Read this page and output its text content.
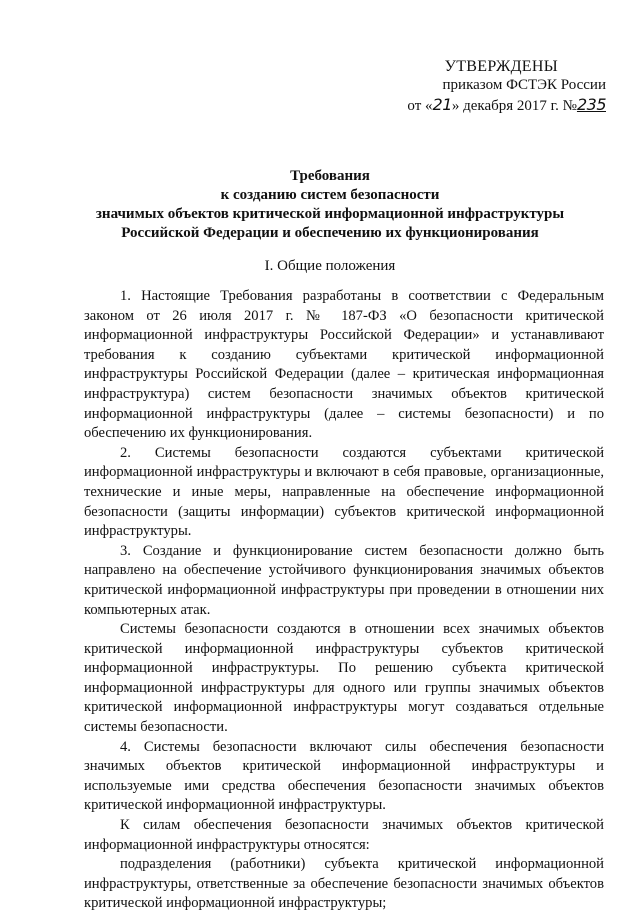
УТВЕРЖДЕНЫ
приказом ФСТЭК России
от «21» декабря 2017 г. №235
Требования
к созданию систем безопасности
значимых объектов критической информационной инфраструктуры
Российской Федерации и обеспечению их функционирования
I. Общие положения

1. Настоящие Требования разработаны в соответствии с Федеральным законом от 26 июля 2017 г. № 187-ФЗ «О безопасности критической информационной инфраструктуры Российской Федерации» и устанавливают требования к созданию субъектами критической информационной инфраструктуры Российской Федерации (далее – критическая информационная инфраструктура) систем безопасности значимых объектов критической информационной инфраструктуры (далее – системы безопасности) и по обеспечению их функционирования.

2. Системы безопасности создаются субъектами критической информационной инфраструктуры и включают в себя правовые, организационные, технические и иные меры, направленные на обеспечение информационной безопасности (защиты информации) субъектов критической информационной инфраструктуры.

3. Создание и функционирование систем безопасности должно быть направлено на обеспечение устойчивого функционирования значимых объектов критической информационной инфраструктуры при проведении в отношении них компьютерных атак.

Системы безопасности создаются в отношении всех значимых объектов критической информационной инфраструктуры субъектов критической информационной инфраструктуры. По решению субъекта критической информационной инфраструктуры для одного или группы значимых объектов критической информационной инфраструктуры могут создаваться отдельные системы безопасности.

4. Системы безопасности включают силы обеспечения безопасности значимых объектов критической информационной инфраструктуры и используемые ими средства обеспечения безопасности значимых объектов критической информационной инфраструктуры.

К силам обеспечения безопасности значимых объектов критической информационной инфраструктуры относятся:

подразделения (работники) субъекта критической информационной инфраструктуры, ответственные за обеспечение безопасности значимых объектов критической информационной инфраструктуры;
